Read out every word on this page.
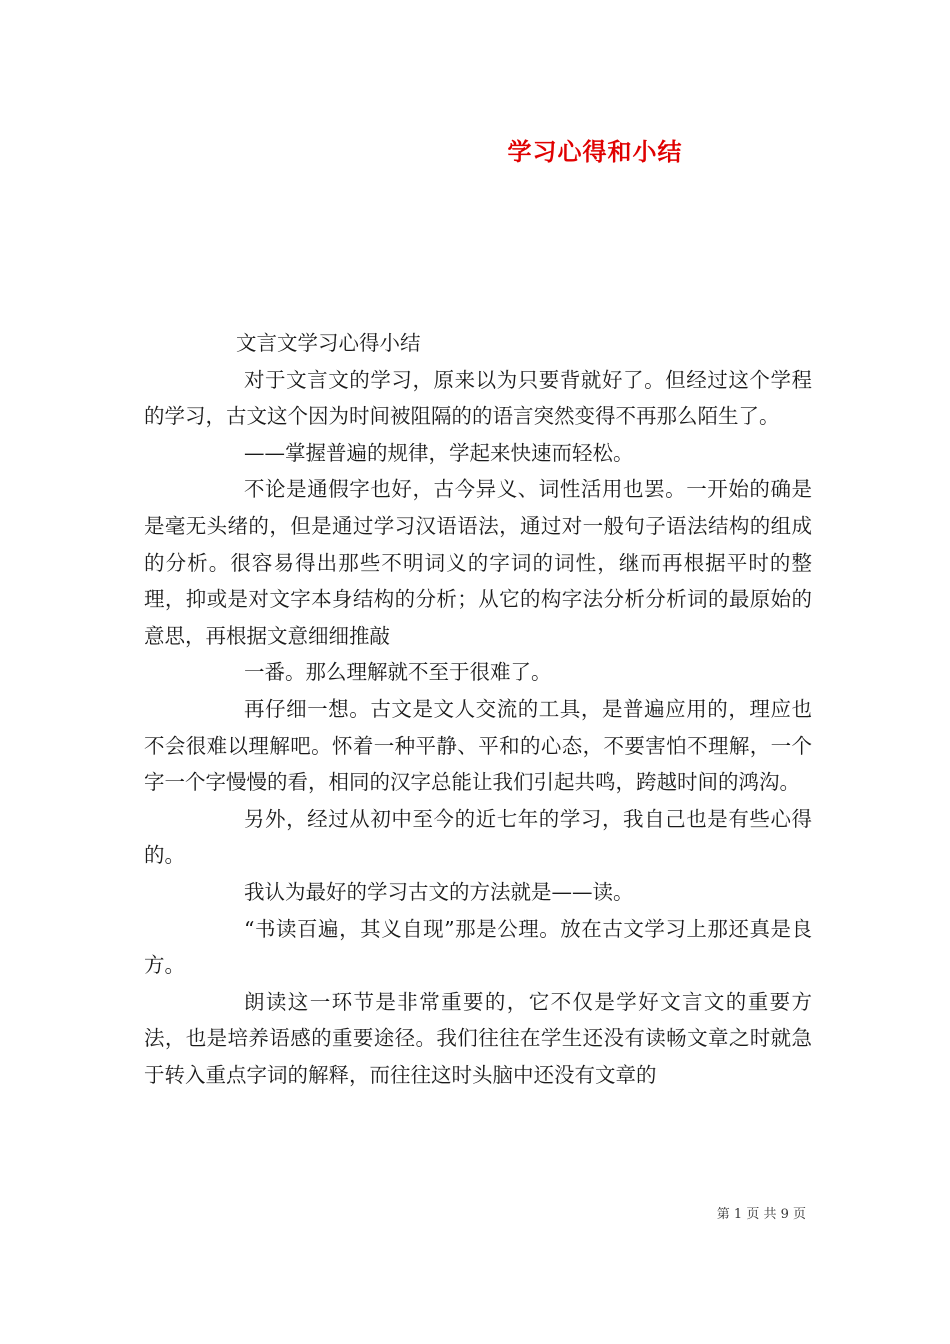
学习心得和小结

文言文学习心得小结

对于文言文的学习，原来以为只要背就好了。但经过这个学程的学习，古文这个因为时间被阻隔的的语言突然变得不再那么陌生了。

——掌握普遍的规律，学起来快速而轻松。

不论是通假字也好，古今异义、词性活用也罢。一开始的确是是毫无头绪的，但是通过学习汉语语法，通过对一般句子语法结构的组成的分析。很容易得出那些不明词义的字词的词性，继而再根据平时的整理，抑或是对文字本身结构的分析；从它的构字法分析分析词的最原始的意思，再根据文意细细推敲

一番。那么理解就不至于很难了。

再仔细一想。古文是文人交流的工具，是普遍应用的，理应也不会很难以理解吧。怀着一种平静、平和的心态，不要害怕不理解，一个字一个字慢慢的看，相同的汉字总能让我们引起共鸣，跨越时间的鸿沟。

另外，经过从初中至今的近七年的学习，我自己也是有些心得的。

我认为最好的学习古文的方法就是——读。

“书读百遍，其义自现”那是公理。放在古文学习上那还真是良方。

朗读这一环节是非常重要的，它不仅是学好文言文的重要方法，也是培养语感的重要途径。我们往往在学生还没有读畅文章之时就急于转入重点字词的解释，而往往这时头脑中还没有文章的

第 1 页 共 9 页
